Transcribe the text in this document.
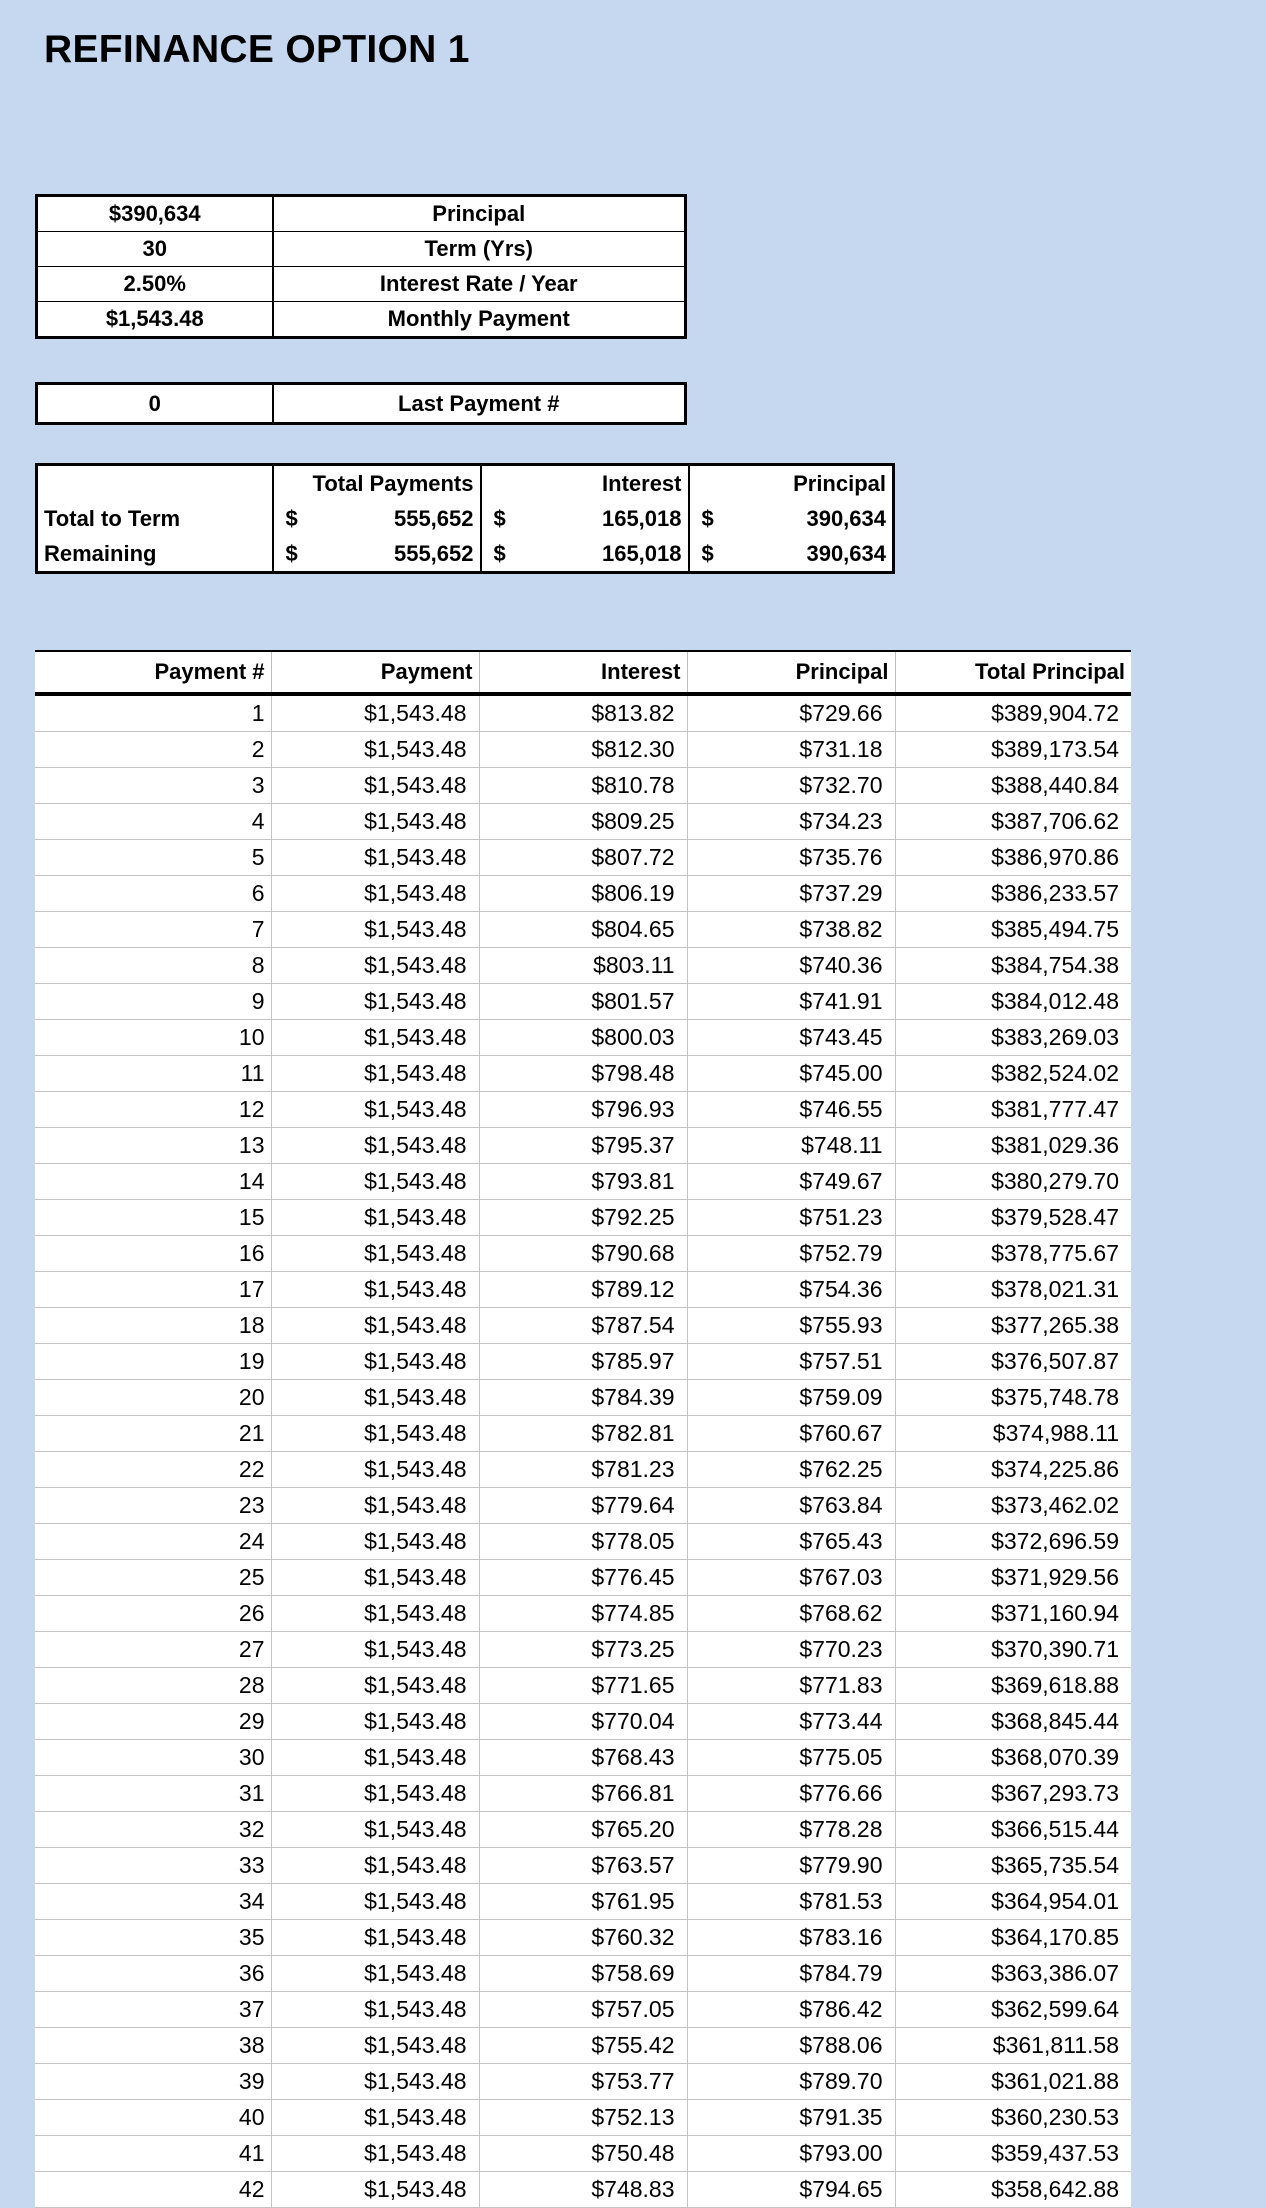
REFINANCE OPTION 1
$390,634	Principal
30	Term (Yrs)
2.50%	Interest Rate / Year
$1,543.48	Monthly Payment
0	Last Payment #
	Total Payments	Interest	Principal
Total to Term	$ 555,652	$ 165,018	$ 390,634
Remaining	$ 555,652	$ 165,018	$ 390,634
Payment #	Payment	Interest	Principal	Total Principal
1	$1,543.48	$813.82	$729.66	$389,904.72
2	$1,543.48	$812.30	$731.18	$389,173.54
3	$1,543.48	$810.78	$732.70	$388,440.84
4	$1,543.48	$809.25	$734.23	$387,706.62
5	$1,543.48	$807.72	$735.76	$386,970.86
6	$1,543.48	$806.19	$737.29	$386,233.57
7	$1,543.48	$804.65	$738.82	$385,494.75
8	$1,543.48	$803.11	$740.36	$384,754.38
9	$1,543.48	$801.57	$741.91	$384,012.48
10	$1,543.48	$800.03	$743.45	$383,269.03
11	$1,543.48	$798.48	$745.00	$382,524.02
12	$1,543.48	$796.93	$746.55	$381,777.47
13	$1,543.48	$795.37	$748.11	$381,029.36
14	$1,543.48	$793.81	$749.67	$380,279.70
15	$1,543.48	$792.25	$751.23	$379,528.47
16	$1,543.48	$790.68	$752.79	$378,775.67
17	$1,543.48	$789.12	$754.36	$378,021.31
18	$1,543.48	$787.54	$755.93	$377,265.38
19	$1,543.48	$785.97	$757.51	$376,507.87
20	$1,543.48	$784.39	$759.09	$375,748.78
21	$1,543.48	$782.81	$760.67	$374,988.11
22	$1,543.48	$781.23	$762.25	$374,225.86
23	$1,543.48	$779.64	$763.84	$373,462.02
24	$1,543.48	$778.05	$765.43	$372,696.59
25	$1,543.48	$776.45	$767.03	$371,929.56
26	$1,543.48	$774.85	$768.62	$371,160.94
27	$1,543.48	$773.25	$770.23	$370,390.71
28	$1,543.48	$771.65	$771.83	$369,618.88
29	$1,543.48	$770.04	$773.44	$368,845.44
30	$1,543.48	$768.43	$775.05	$368,070.39
31	$1,543.48	$766.81	$776.66	$367,293.73
32	$1,543.48	$765.20	$778.28	$366,515.44
33	$1,543.48	$763.57	$779.90	$365,735.54
34	$1,543.48	$761.95	$781.53	$364,954.01
35	$1,543.48	$760.32	$783.16	$364,170.85
36	$1,543.48	$758.69	$784.79	$363,386.07
37	$1,543.48	$757.05	$786.42	$362,599.64
38	$1,543.48	$755.42	$788.06	$361,811.58
39	$1,543.48	$753.77	$789.70	$361,021.88
40	$1,543.48	$752.13	$791.35	$360,230.53
41	$1,543.48	$750.48	$793.00	$359,437.53
42	$1,543.48	$748.83	$794.65	$358,642.88
